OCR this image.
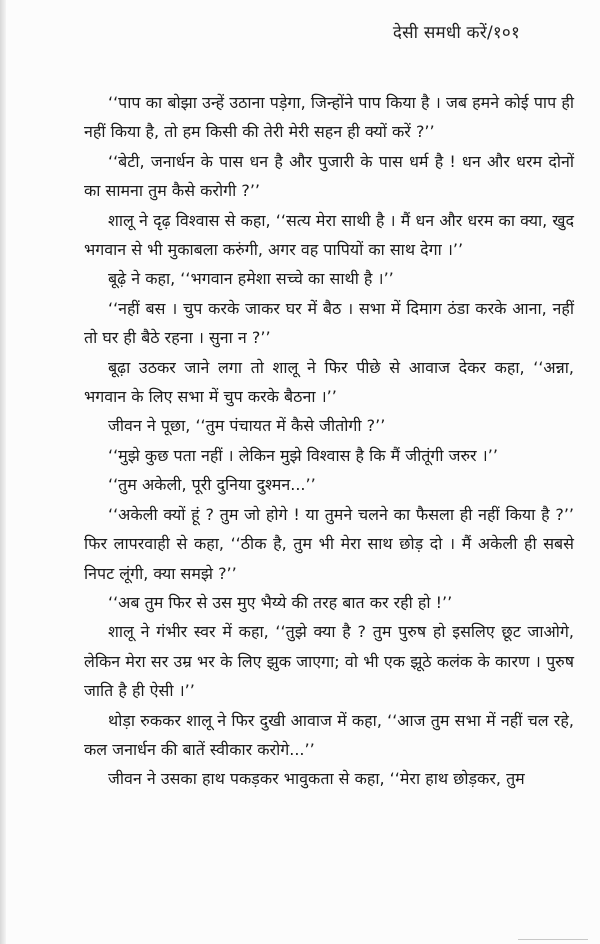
देसी समधी करें/१०१

‘‘पाप का बोझा उन्हें उठाना पड़ेगा, जिन्होंने पाप किया है । जब हमने कोई पाप ही नहीं किया है, तो हम किसी की तेरी मेरी सहन ही क्यों करें ?’’

‘‘बेटी, जनार्धन के पास धन है और पुजारी के पास धर्म है ! धन और धरम दोनों का सामना तुम कैसे करोगी ?’’

शालू ने दृढ़ विश्वास से कहा, ‘‘सत्य मेरा साथी है । मैं धन और धरम का क्या, खुद भगवान से भी मुकाबला करुंगी, अगर वह पापियों का साथ देगा ।’’

बूढ़े ने कहा, ‘‘भगवान हमेशा सच्चे का साथी है ।’’

‘‘नहीं बस । चुप करके जाकर घर में बैठ । सभा में दिमाग ठंडा करके आना, नहीं तो घर ही बैठे रहना । सुना न ?’’

बूढ़ा उठकर जाने लगा तो शालू ने फिर पीछे से आवाज देकर कहा, ‘‘अन्ना, भगवान के लिए सभा में चुप करके बैठना ।’’

जीवन ने पूछा, ‘‘तुम पंचायत में कैसे जीतोगी ?’’

‘‘मुझे कुछ पता नहीं । लेकिन मुझे विश्वास है कि मैं जीतूंगी जरुर ।’’

‘‘तुम अकेली, पूरी दुनिया दुश्मन...’’

‘‘अकेली क्यों हूं ? तुम जो होगे ! या तुमने चलने का फैसला ही नहीं किया है ?’’ फिर लापरवाही से कहा, ‘‘ठीक है, तुम भी मेरा साथ छोड़ दो । मैं अकेली ही सबसे निपट लूंगी, क्या समझे ?’’

‘‘अब तुम फिर से उस मुए भैय्ये की तरह बात कर रही हो !’’

शालू ने गंभीर स्वर में कहा, ‘‘तुझे क्या है ? तुम पुरुष हो इसलिए छूट जाओगे, लेकिन मेरा सर उम्र भर के लिए झुक जाएगा; वो भी एक झूठे कलंक के कारण । पुरुष जाति है ही ऐसी ।’’

थोड़ा रुककर शालू ने फिर दुखी आवाज में कहा, ‘‘आज तुम सभा में नहीं चल रहे, कल जनार्धन की बातें स्वीकार करोगे...’’

जीवन ने उसका हाथ पकड़कर भावुकता से कहा, ‘‘मेरा हाथ छोड़कर, तुम
